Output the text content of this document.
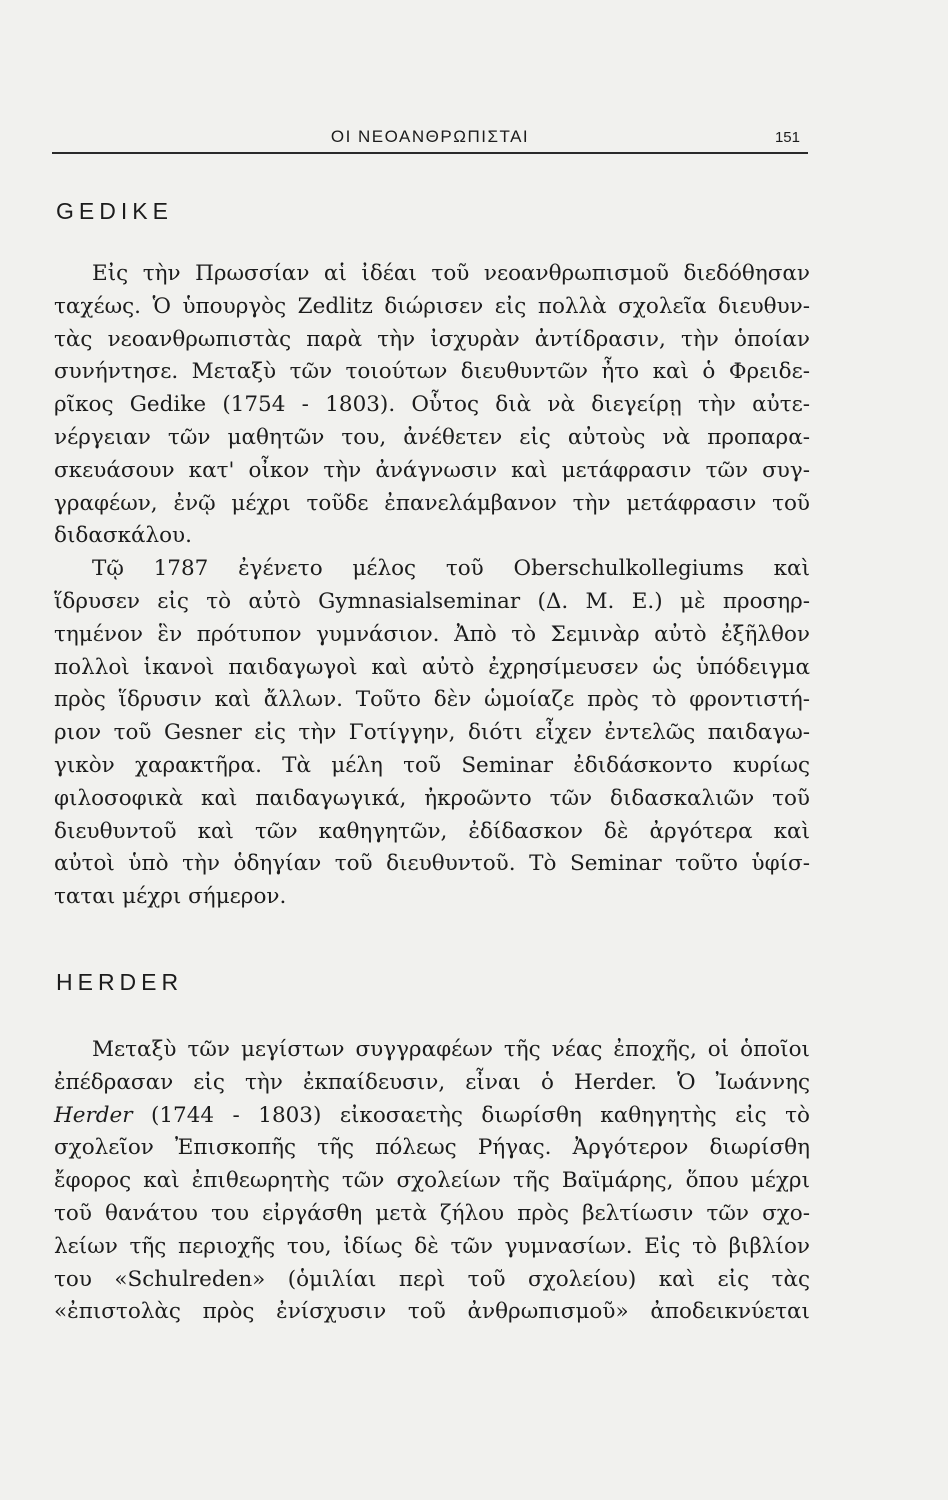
ΟΙ ΝΕΟΑΝΘΡΩΠΙΣΤΑΙ	151
GEDIKE
Εἰς τὴν Πρωσσίαν αἱ ἰδέαι τοῦ νεοανθρωπισμοῦ διεδόθησαν
ταχέως. Ὁ ὑπουργὸς Zedlitz διώρισεν εἰς πολλὰ σχολεῖα διευθυν-
τὰς νεοανθρωπιστὰς παρὰ τὴν ἰσχυρὰν ἀντίδρασιν, τὴν ὁποίαν
συνήντησε. Μεταξὺ τῶν τοιούτων διευθυντῶν ἦτο καὶ ὁ Φρειδε-
ρῖκος Gedike (1754 - 1803). Οὗτος διὰ νὰ διεγείρῃ τὴν αὐτε-
νέργειαν τῶν μαθητῶν του, ἀνέθετεν εἰς αὐτοὺς νὰ προπαρα-
σκευάσουν κατ' οἶκον τὴν ἀνάγνωσιν καὶ μετάφρασιν τῶν συγ-
γραφέων, ἐνῷ μέχρι τοῦδε ἐπανελάμβανον τὴν μετάφρασιν τοῦ
διδασκάλου.
Τῷ 1787 ἐγένετο μέλος τοῦ Oberschulkollegiums καὶ
ἵδρυσεν εἰς τὸ αὐτὸ Gymnasialseminar (Δ. Μ. Ε.) μὲ προσηρ-
τημένον ἓν πρότυπον γυμνάσιον. Ἀπὸ τὸ Σεμινὰρ αὐτὸ ἐξῆλθον
πολλοὶ ἱκανοὶ παιδαγωγοὶ καὶ αὐτὸ ἐχρησίμευσεν ὡς ὑπόδειγμα
πρὸς ἵδρυσιν καὶ ἄλλων. Τοῦτο δὲν ὡμοίαζε πρὸς τὸ φροντιστή-
ριον τοῦ Gesner εἰς τὴν Γοτίγγην, διότι εἶχεν ἐντελῶς παιδαγω-
γικὸν χαρακτῆρα. Τὰ μέλη τοῦ Seminar ἐδιδάσκοντο κυρίως
φιλοσοφικὰ καὶ παιδαγωγικά, ἠκροῶντο τῶν διδασκαλιῶν τοῦ
διευθυντοῦ καὶ τῶν καθηγητῶν, ἐδίδασκον δὲ ἀργότερα καὶ
αὐτοὶ ὑπὸ τὴν ὁδηγίαν τοῦ διευθυντοῦ. Τὸ Seminar τοῦτο ὑφίσ-
ταται μέχρι σήμερον.
HERDER
Μεταξὺ τῶν μεγίστων συγγραφέων τῆς νέας ἐποχῆς, οἱ ὁποῖοι
ἐπέδρασαν εἰς τὴν ἐκπαίδευσιν, εἶναι ὁ Herder. Ὁ Ἰωάννης
Herder (1744 - 1803) εἰκοσαετὴς διωρίσθη καθηγητὴς εἰς τὸ
σχολεῖον Ἐπισκοπῆς τῆς πόλεως Ρήγας. Ἀργότερον διωρίσθη
ἔφορος καὶ ἐπιθεωρητὴς τῶν σχολείων τῆς Βαϊμάρης, ὅπου μέχρι
τοῦ θανάτου του εἰργάσθη μετὰ ζήλου πρὸς βελτίωσιν τῶν σχο-
λείων τῆς περιοχῆς του, ἰδίως δὲ τῶν γυμνασίων. Εἰς τὸ βιβλίον
του «Schulreden» (ὁμιλίαι περὶ τοῦ σχολείου) καὶ εἰς τὰς
«ἐπιστολὰς πρὸς ἐνίσχυσιν τοῦ ἀνθρωπισμοῦ» ἀποδεικνύεται
